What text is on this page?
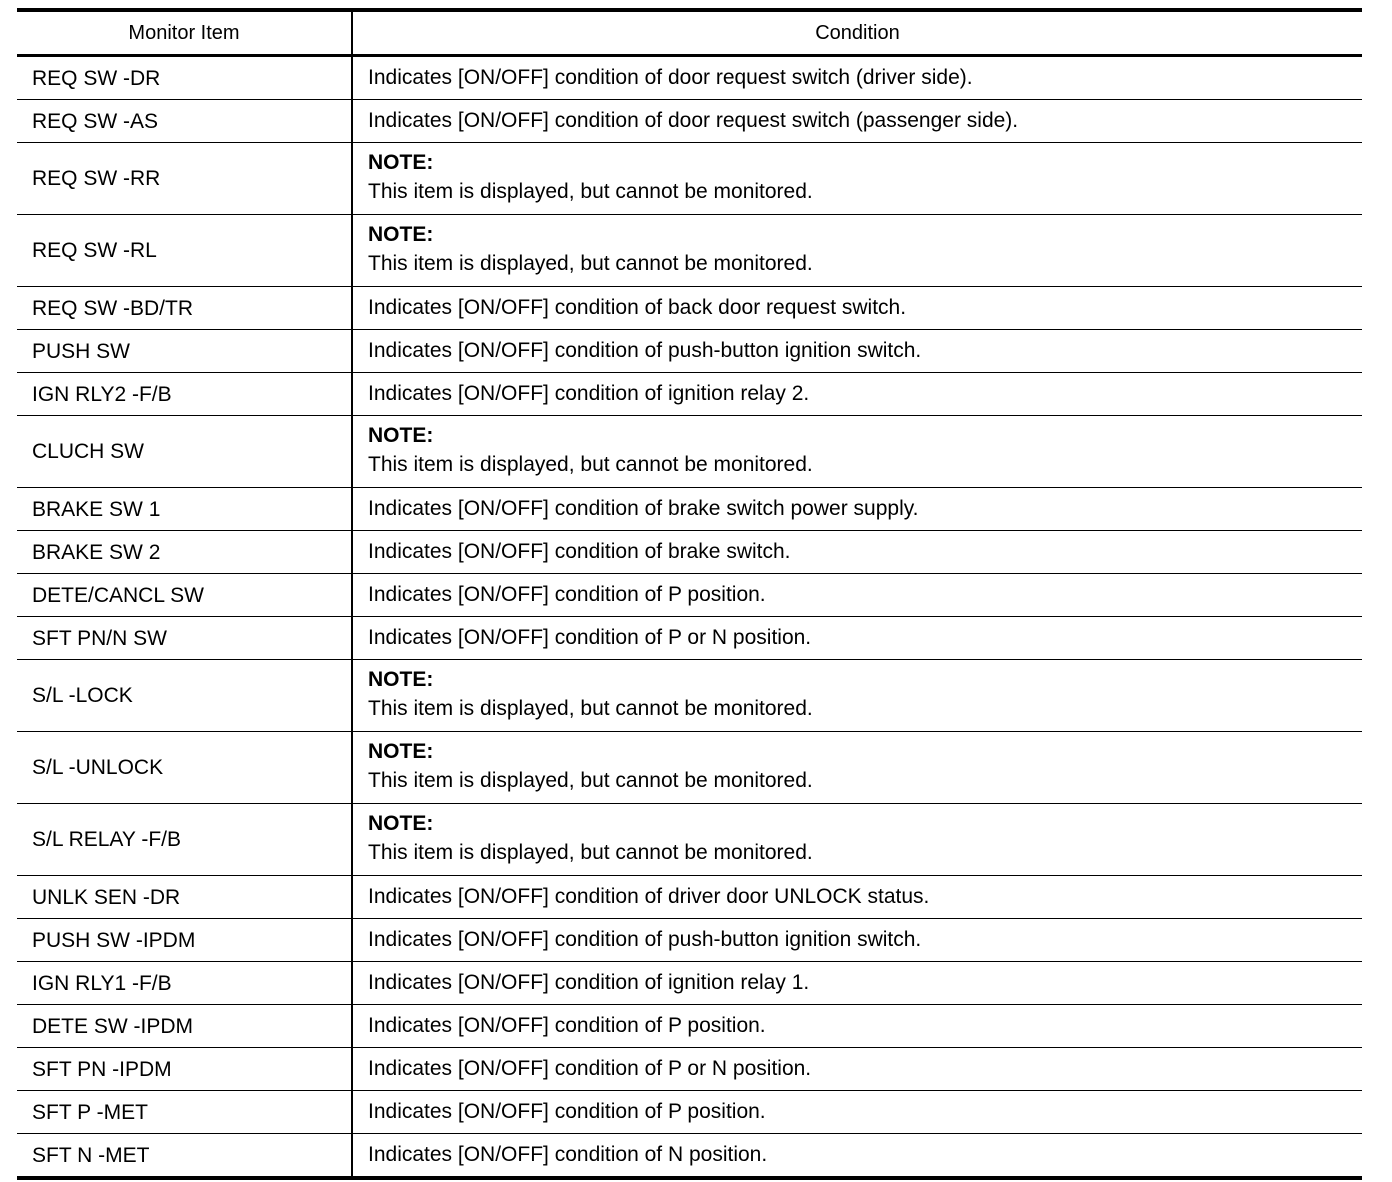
Monitor Item	Condition
REQ SW -DR	Indicates [ON/OFF] condition of door request switch (driver side).
REQ SW -AS	Indicates [ON/OFF] condition of door request switch (passenger side).
REQ SW -RR	NOTE:
This item is displayed, but cannot be monitored.

REQ SW -RL	NOTE:
This item is displayed, but cannot be monitored.

REQ SW -BD/TR	Indicates [ON/OFF] condition of back door request switch.
PUSH SW	Indicates [ON/OFF] condition of push-button ignition switch.
IGN RLY2 -F/B	Indicates [ON/OFF] condition of ignition relay 2.
CLUCH SW	NOTE:
This item is displayed, but cannot be monitored.

BRAKE SW 1	Indicates [ON/OFF] condition of brake switch power supply.
BRAKE SW 2	Indicates [ON/OFF] condition of brake switch.
DETE/CANCL SW	Indicates [ON/OFF] condition of P position.
SFT PN/N SW	Indicates [ON/OFF] condition of P or N position.
S/L -LOCK	NOTE:
This item is displayed, but cannot be monitored.

S/L -UNLOCK	NOTE:
This item is displayed, but cannot be monitored.

S/L RELAY -F/B	NOTE:
This item is displayed, but cannot be monitored.

UNLK SEN -DR	Indicates [ON/OFF] condition of driver door UNLOCK status.
PUSH SW -IPDM	Indicates [ON/OFF] condition of push-button ignition switch.
IGN RLY1 -F/B	Indicates [ON/OFF] condition of ignition relay 1.
DETE SW -IPDM	Indicates [ON/OFF] condition of P position.
SFT PN -IPDM	Indicates [ON/OFF] condition of P or N position.
SFT P -MET	Indicates [ON/OFF] condition of P position.
SFT N -MET	Indicates [ON/OFF] condition of N position.
